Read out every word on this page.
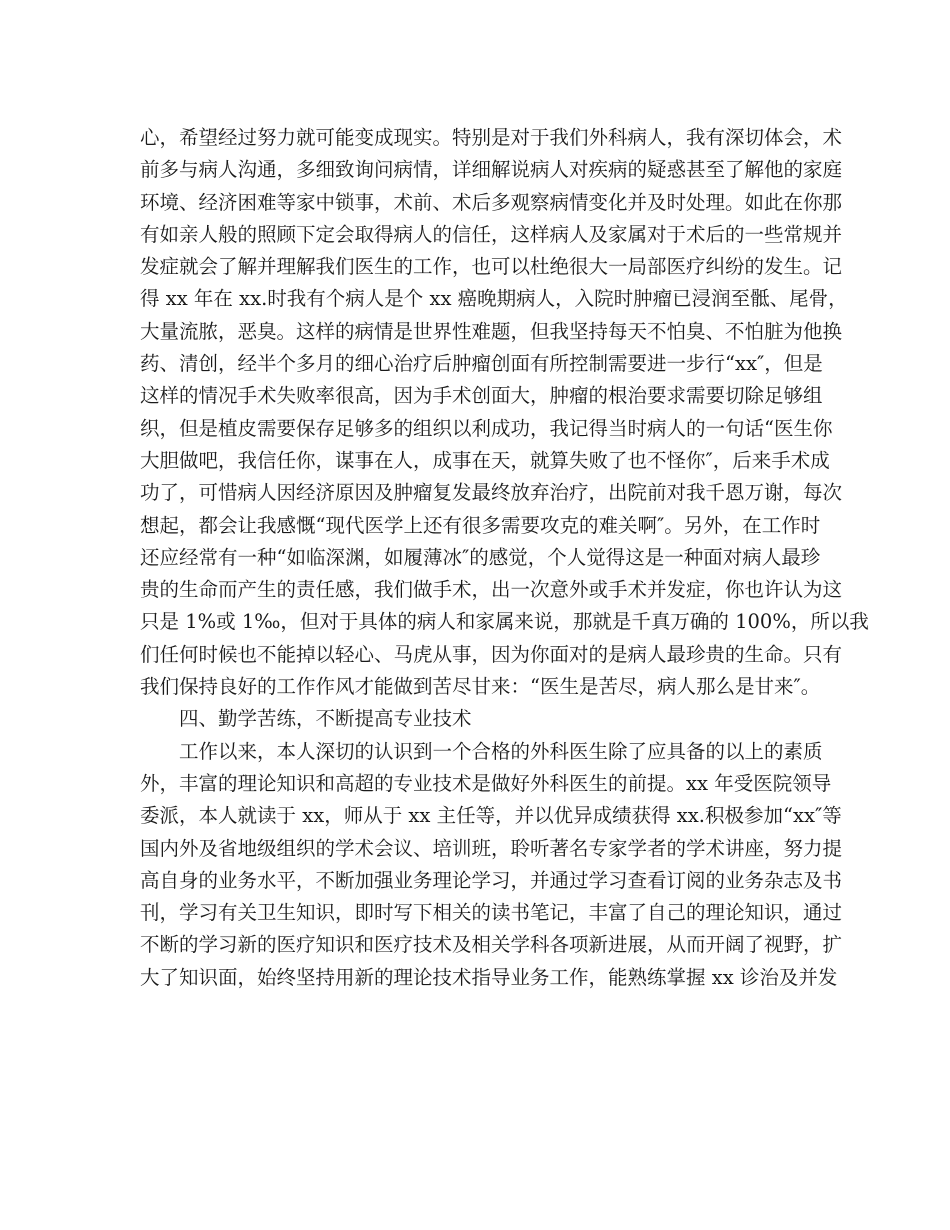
心，希望经过努力就可能变成现实。特别是对于我们外科病人，我有深切体会，术
前多与病人沟通，多细致询问病情，详细解说病人对疾病的疑惑甚至了解他的家庭
环境、经济困难等家中锁事，术前、术后多观察病情变化并及时处理。如此在你那
有如亲人般的照顾下定会取得病人的信任，这样病人及家属对于术后的一些常规并
发症就会了解并理解我们医生的工作，也可以杜绝很大一局部医疗纠纷的发生。记
得 xx 年在 xx.时我有个病人是个 xx 癌晚期病人，入院时肿瘤已浸润至骶、尾骨，
大量流脓，恶臭。这样的病情是世界性难题，但我坚持每天不怕臭、不怕脏为他换
药、清创，经半个多月的细心治疗后肿瘤创面有所控制需要进一步行“xx″，但是
这样的情况手术失败率很高，因为手术创面大，肿瘤的根治要求需要切除足够组
织，但是植皮需要保存足够多的组织以利成功，我记得当时病人的一句话“医生你
大胆做吧，我信任你，谋事在人，成事在天，就算失败了也不怪你″，后来手术成
功了，可惜病人因经济原因及肿瘤复发最终放弃治疗，出院前对我千恩万谢，每次
想起，都会让我感慨“现代医学上还有很多需要攻克的难关啊″。另外，在工作时
还应经常有一种“如临深渊，如履薄冰″的感觉，个人觉得这是一种面对病人最珍
贵的生命而产生的责任感，我们做手术，出一次意外或手术并发症，你也许认为这
只是 1%或 1‰，但对于具体的病人和家属来说，那就是千真万确的 100%，所以我
们任何时候也不能掉以轻心、马虎从事，因为你面对的是病人最珍贵的生命。只有
我们保持良好的工作作风才能做到苦尽甘来：“医生是苦尽，病人那么是甘来″。
四、勤学苦练，不断提高专业技术
工作以来，本人深切的认识到一个合格的外科医生除了应具备的以上的素质
外，丰富的理论知识和高超的专业技术是做好外科医生的前提。xx 年受医院领导
委派，本人就读于 xx，师从于 xx 主任等，并以优异成绩获得 xx.积极参加“xx″等
国内外及省地级组织的学术会议、培训班，聆听著名专家学者的学术讲座，努力提
高自身的业务水平，不断加强业务理论学习，并通过学习查看订阅的业务杂志及书
刊，学习有关卫生知识，即时写下相关的读书笔记，丰富了自己的理论知识，通过
不断的学习新的医疗知识和医疗技术及相关学科各项新进展，从而开阔了视野，扩
大了知识面，始终坚持用新的理论技术指导业务工作，能熟练掌握 xx 诊治及并发
